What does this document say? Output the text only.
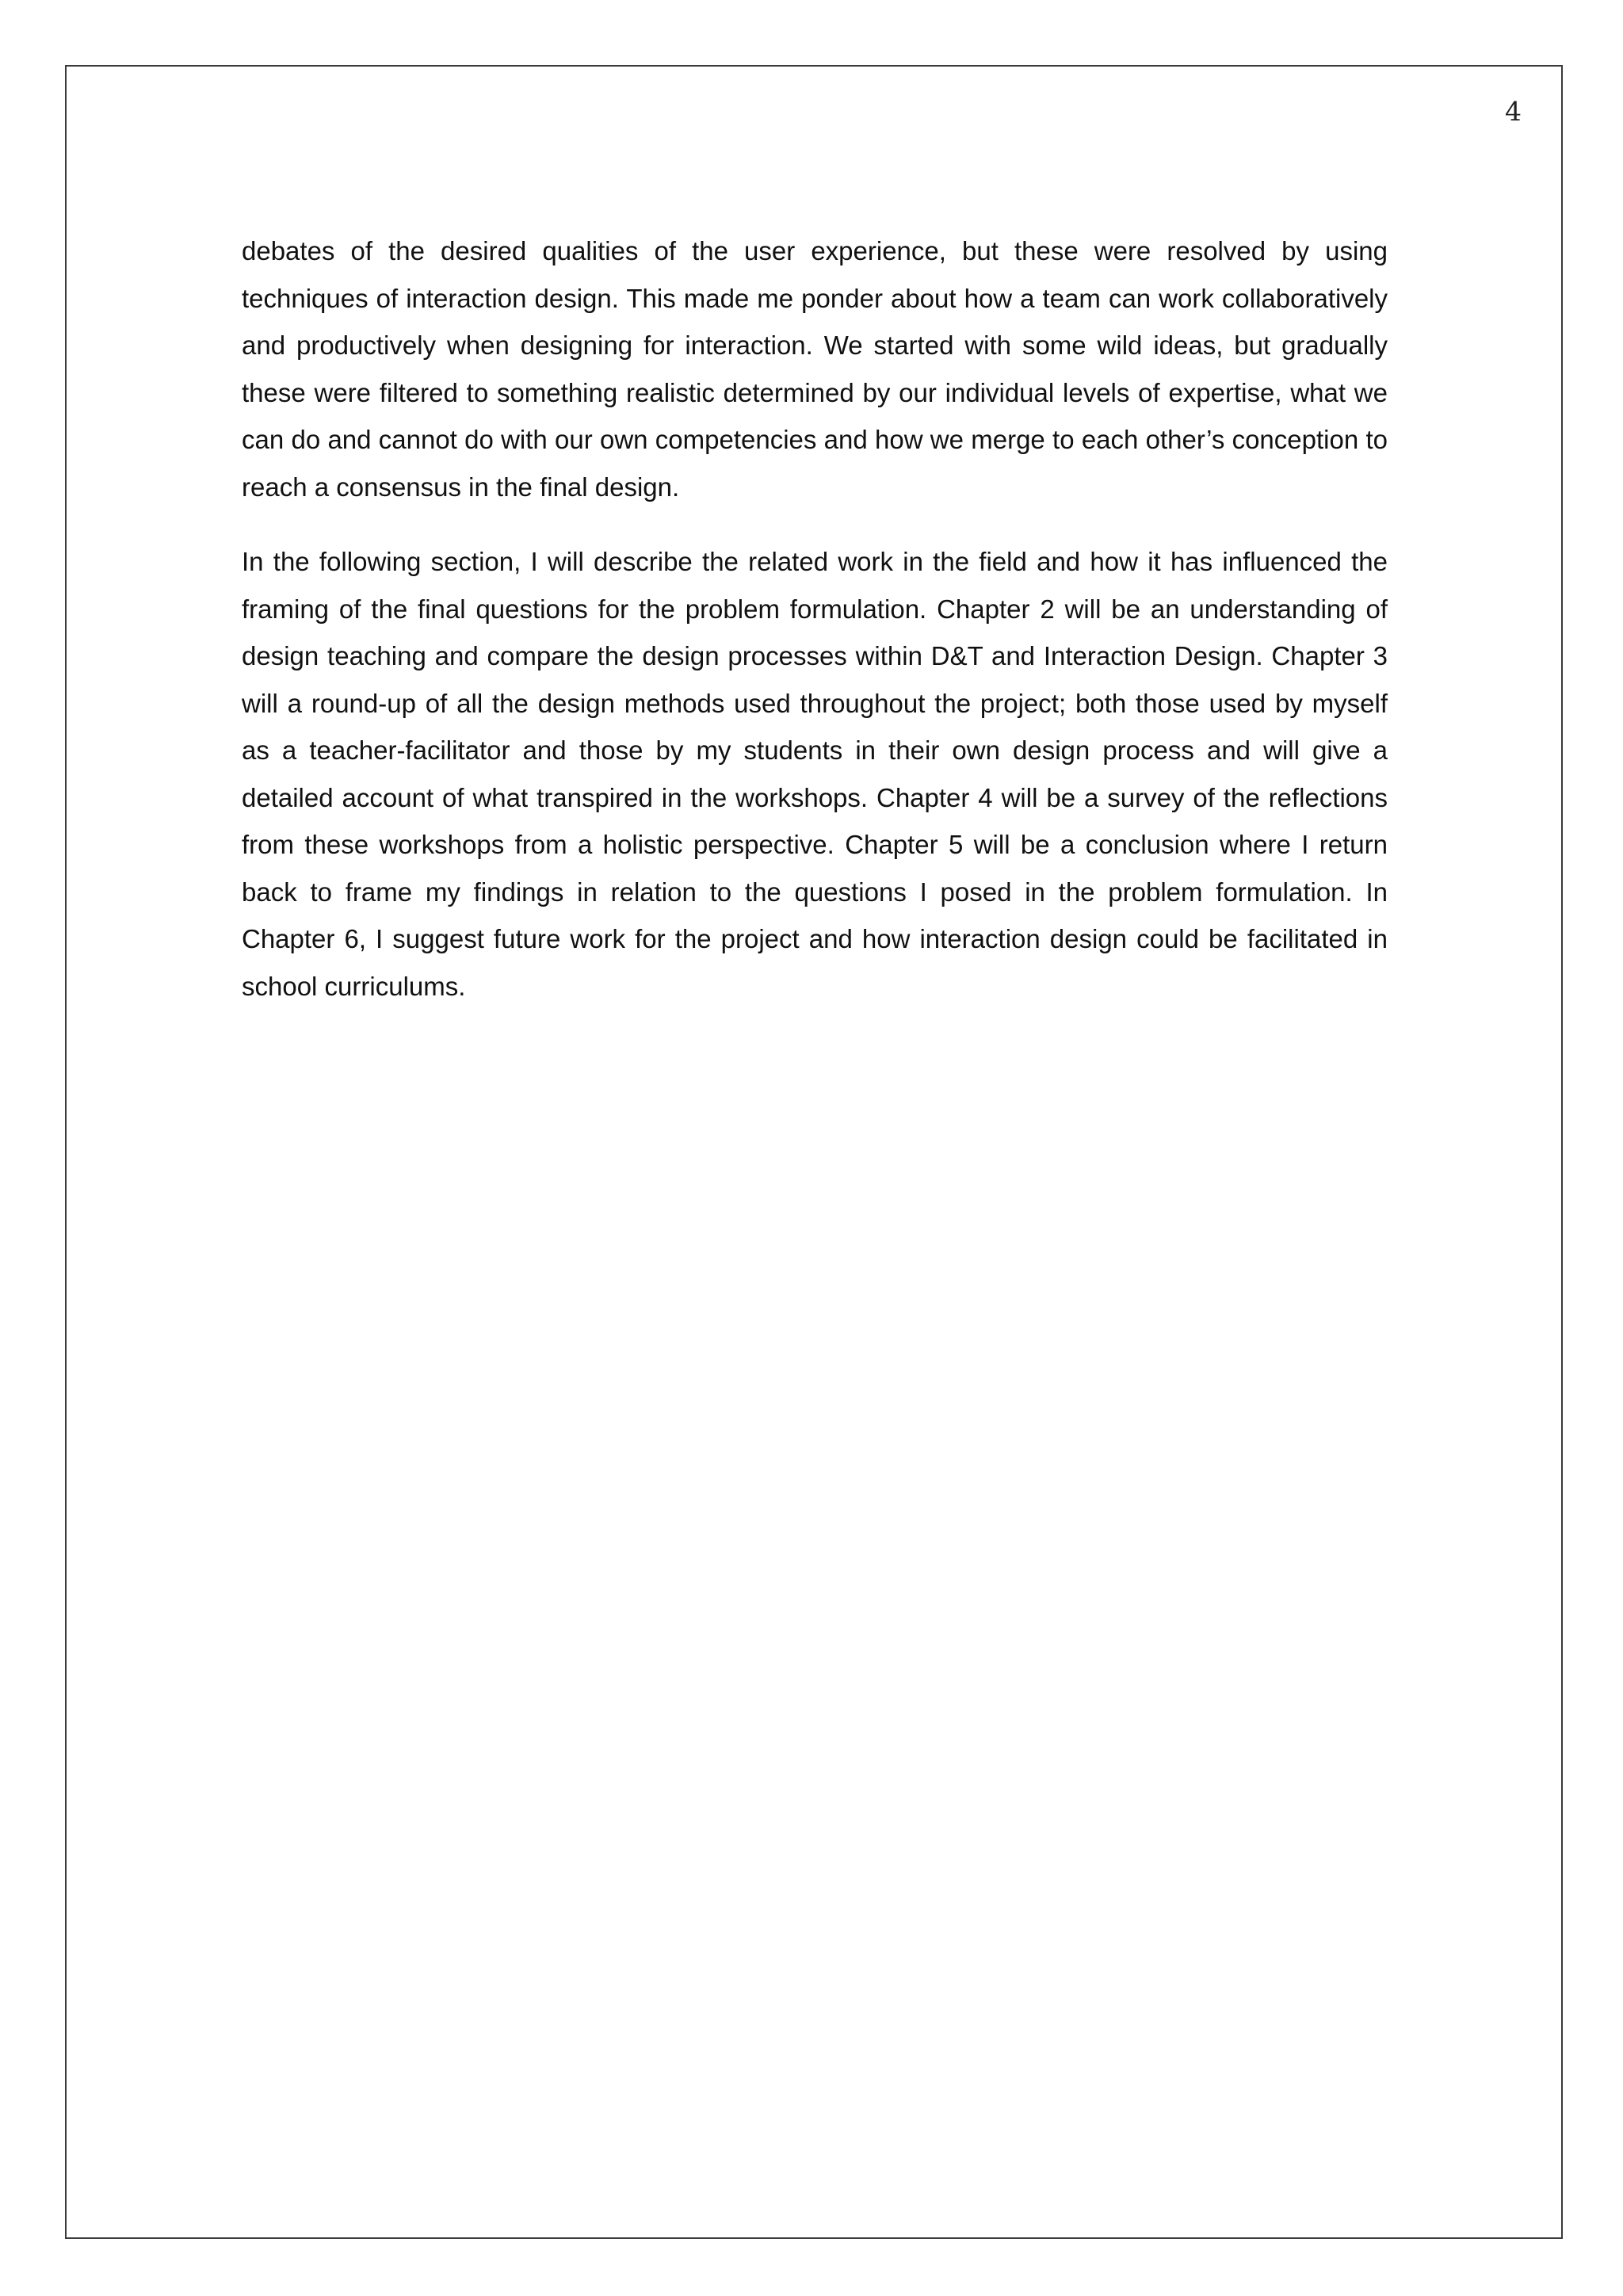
4

debates of the desired qualities of the user experience, but these were resolved by using techniques of interaction design. This made me ponder about how a team can work collaboratively and productively when designing for interaction. We started with some wild ideas, but gradually these were filtered to something realistic determined by our individual levels of expertise, what we can do and cannot do with our own competencies and how we merge to each other’s conception to reach a consensus in the final design.

In the following section, I will describe the related work in the field and how it has influenced the framing of the final questions for the problem formulation. Chapter 2 will be an understanding of design teaching and compare the design processes within D&T and Interaction Design. Chapter 3 will a round-up of all the design methods used throughout the project; both those used by myself as a teacher-facilitator and those by my students in their own design process and will give a detailed account of what transpired in the workshops. Chapter 4 will be a survey of the reflections from these workshops from a holistic perspective. Chapter 5 will be a conclusion where I return back to frame my findings in relation to the questions I posed in the problem formulation. In Chapter 6, I suggest future work for the project and how interaction design could be facilitated in school curriculums.
